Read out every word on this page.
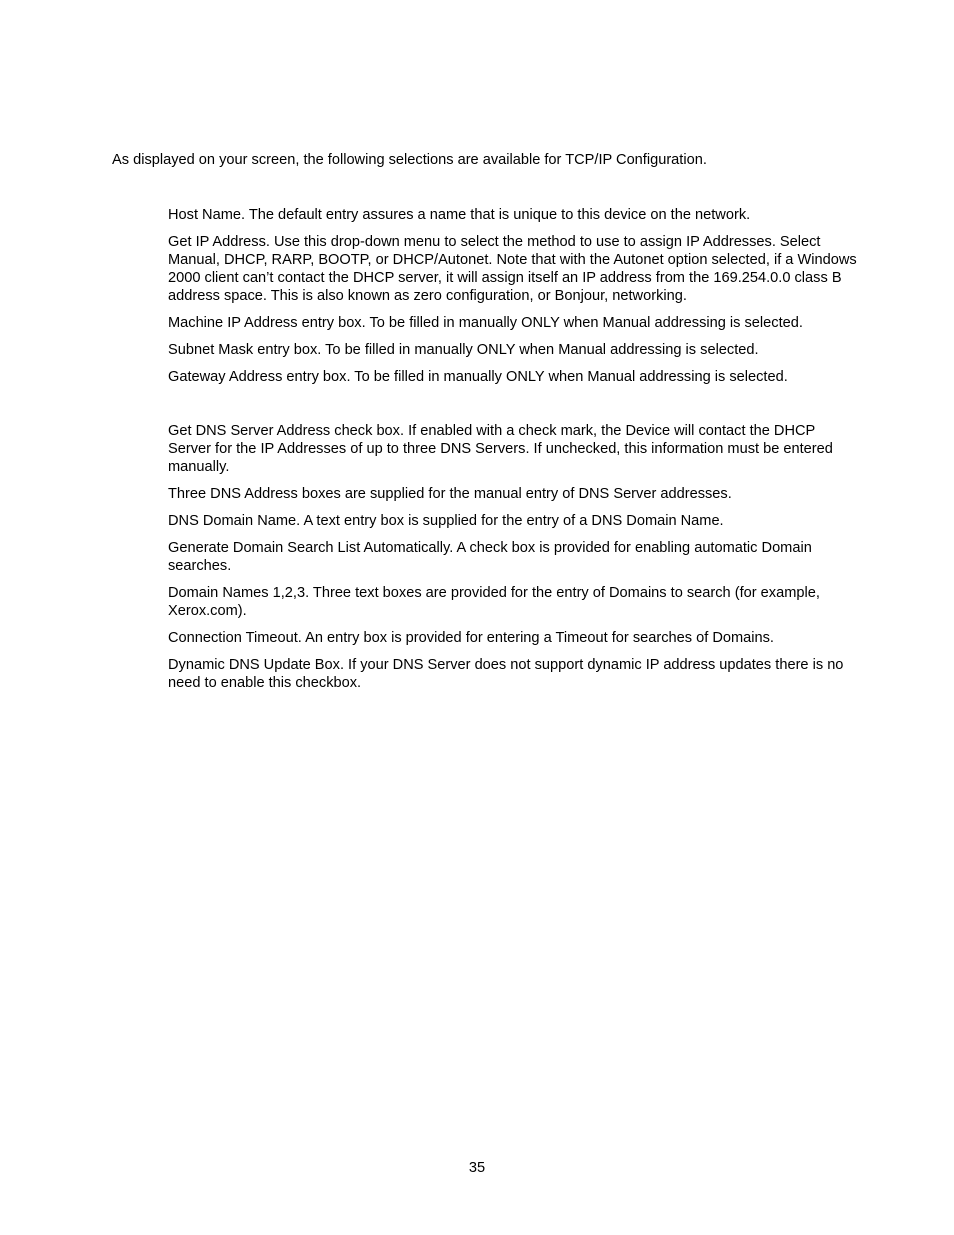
As displayed on your screen, the following selections are available for TCP/IP Configuration.

Host Name. The default entry assures a name that is unique to this device on the network.

Get IP Address. Use this drop-down menu to select the method to use to assign IP Addresses. Select Manual, DHCP, RARP, BOOTP, or DHCP/Autonet. Note that with the Autonet option selected, if a Windows 2000 client can’t contact the DHCP server, it will assign itself an IP address from the 169.254.0.0 class B address space. This is also known as zero configuration, or Bonjour, networking.

Machine IP Address entry box. To be filled in manually ONLY when Manual addressing is selected.

Subnet Mask entry box. To be filled in manually ONLY when Manual addressing is selected.

Gateway Address entry box. To be filled in manually ONLY when Manual addressing is selected.

Get DNS Server Address check box. If enabled with a check mark, the Device will contact the DHCP Server for the IP Addresses of up to three DNS Servers. If unchecked, this information must be entered manually.

Three DNS Address boxes are supplied for the manual entry of DNS Server addresses.

DNS Domain Name. A text entry box is supplied for the entry of a DNS Domain Name.

Generate Domain Search List Automatically. A check box is provided for enabling automatic Domain searches.

Domain Names 1,2,3. Three text boxes are provided for the entry of Domains to search (for example, Xerox.com).

Connection Timeout. An entry box is provided for entering a Timeout for searches of Domains.

Dynamic DNS Update Box. If your DNS Server does not support dynamic IP address updates there is no need to enable this checkbox.

35
